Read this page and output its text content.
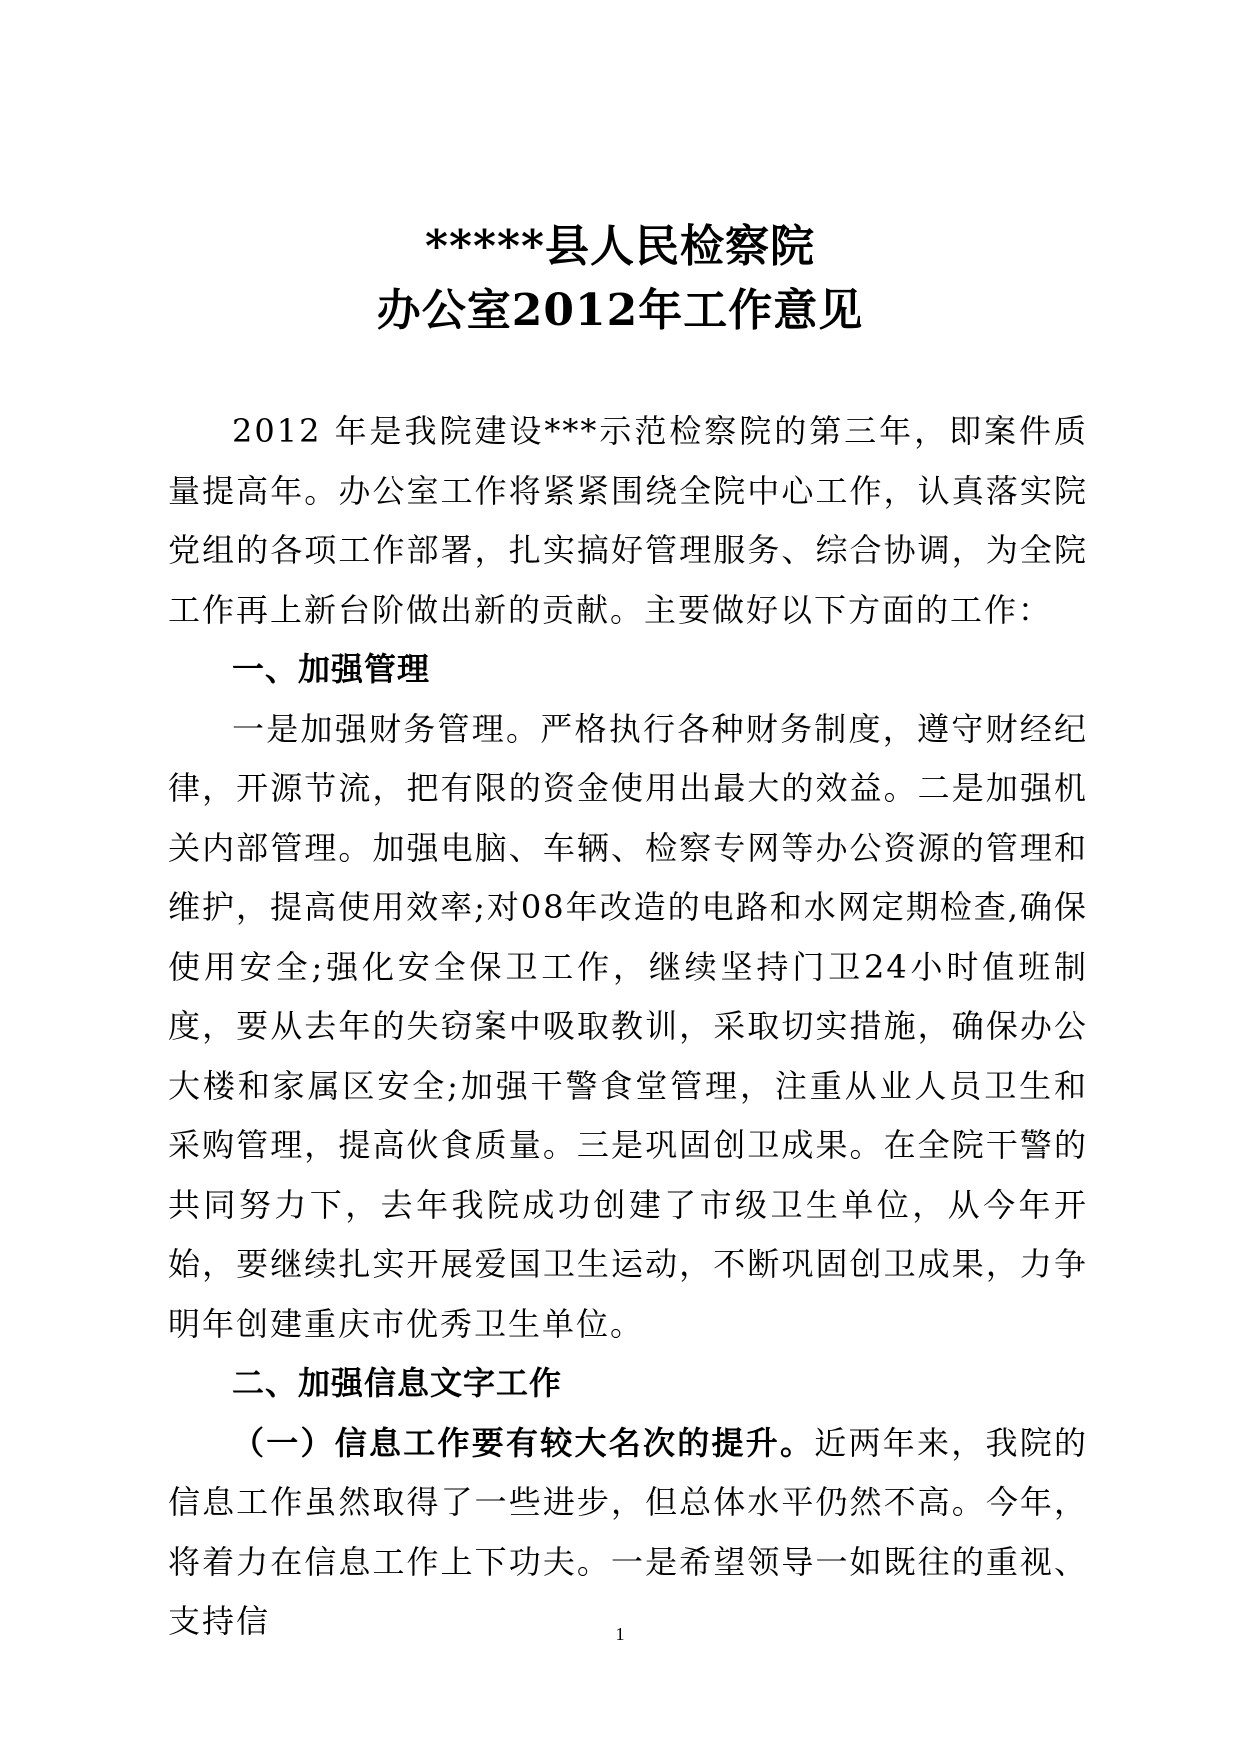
*****县人民检察院
办公室2012年工作意见

2012 年是我院建设***示范检察院的第三年，即案件质量提高年。办公室工作将紧紧围绕全院中心工作，认真落实院党组的各项工作部署，扎实搞好管理服务、综合协调，为全院工作再上新台阶做出新的贡献。主要做好以下方面的工作：

一、加强管理

一是加强财务管理。严格执行各种财务制度，遵守财经纪律，开源节流，把有限的资金使用出最大的效益。二是加强机关内部管理。加强电脑、车辆、检察专网等办公资源的管理和维护，提高使用效率;对08年改造的电路和水网定期检查,确保使用安全;强化安全保卫工作，继续坚持门卫24小时值班制度，要从去年的失窃案中吸取教训，采取切实措施，确保办公大楼和家属区安全;加强干警食堂管理，注重从业人员卫生和采购管理，提高伙食质量。三是巩固创卫成果。在全院干警的共同努力下，去年我院成功创建了市级卫生单位，从今年开始，要继续扎实开展爱国卫生运动，不断巩固创卫成果，力争明年创建重庆市优秀卫生单位。

二、加强信息文字工作

（一）信息工作要有较大名次的提升。近两年来，我院的信息工作虽然取得了一些进步，但总体水平仍然不高。今年，将着力在信息工作上下功夫。一是希望领导一如既往的重视、支持信	1
